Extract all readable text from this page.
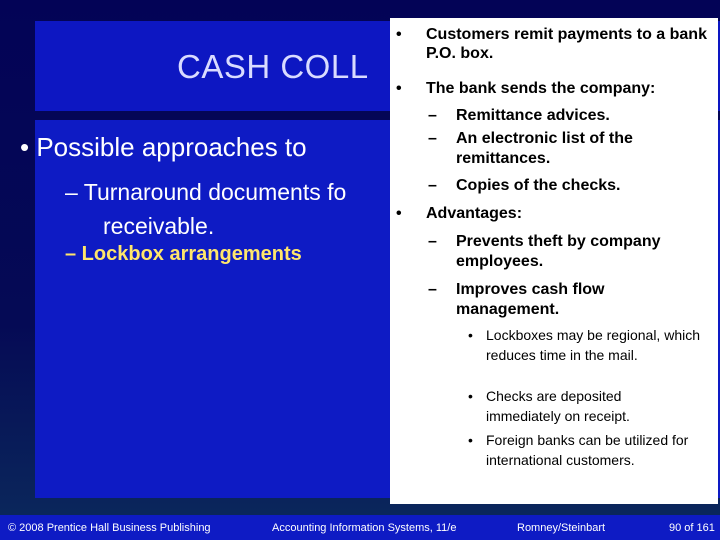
CASH COLL

• Possible approaches to

– Turnaround documents fo
receivable.

– Lockbox arrangements

•	Customers remit payments to a bank P.O. box.
•	The bank sends the company:
–	Remittance advices.
–	An electronic list of the remittances.
–	Copies of the checks.
•	Advantages:
–	Prevents theft by company employees.
–	Improves cash flow management.
• Lockboxes may be regional, which reduces time in the mail.
• Checks are deposited immediately on receipt.
• Foreign banks can be utilized for international customers.
© 2008 Prentice Hall Business Publishing	Accounting Information Systems, 11/e	Romney/Steinbart	90 of 161
